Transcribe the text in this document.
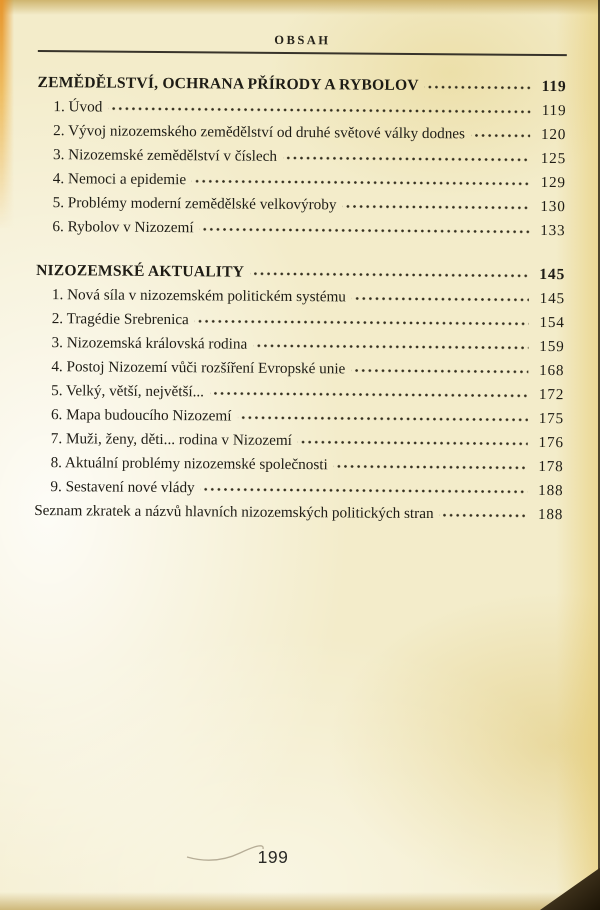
OBSAH
ZEMĚDĚLSTVÍ, OCHRANA PŘÍRODY A RYBOLOV	119
1. Úvod	119
2. Vývoj nizozemského zemědělství od druhé světové války dodnes	120
3. Nizozemské zemědělství v číslech	125
4. Nemoci a epidemie	129
5. Problémy moderní zemědělské velkovýroby	130
6. Rybolov v Nizozemí	133
NIZOZEMSKÉ AKTUALITY	145
1. Nová síla v nizozemském politickém systému	145
2. Tragédie Srebrenica	154
3. Nizozemská královská rodina	159
4. Postoj Nizozemí vůči rozšíření Evropské unie	168
5. Velký, větší, největší...	172
6. Mapa budoucího Nizozemí	175
7. Muži, ženy, děti... rodina v Nizozemí	176
8. Aktuální problémy nizozemské společnosti	178
9. Sestavení nové vlády	188
Seznam zkratek a názvů hlavních nizozemských politických stran	188
199
